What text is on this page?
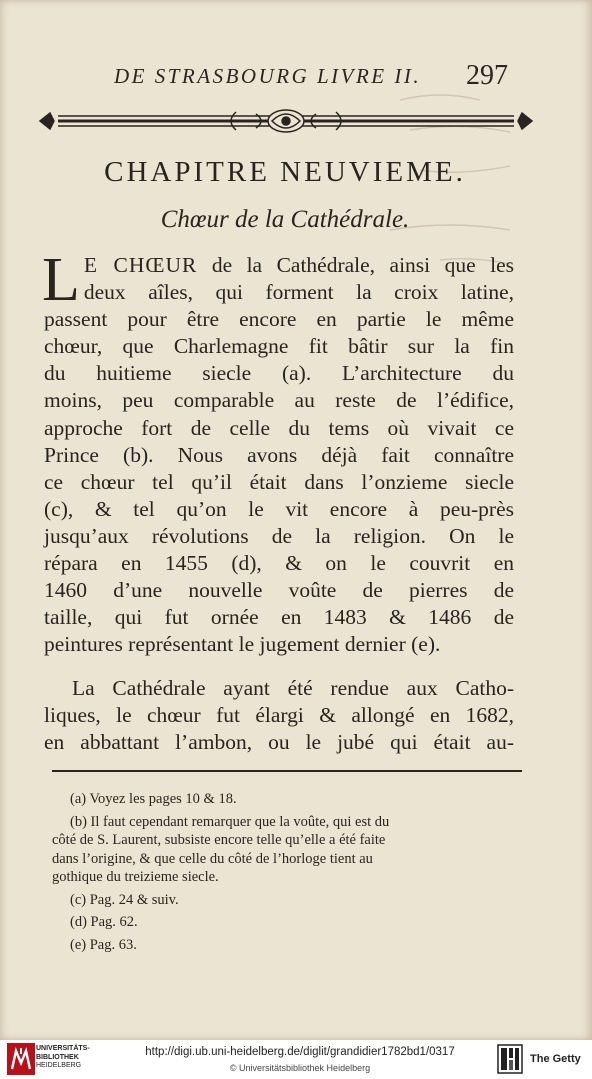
DE STRASBOURG LIVRE II. 297
CHAPITRE NEUVIEME.
Chœur de la Cathédrale.
L E CHŒUR de la Cathédrale, ainsi que les
deux aîles, qui forment la croix latine,
passent pour être encore en partie le même
chœur, que Charlemagne fit bâtir sur la fin
du huitieme siecle (a). L’architecture du
moins, peu comparable au reste de l’édifice,
approche fort de celle du tems où vivait ce
Prince (b). Nous avons déjà fait connaître
ce chœur tel qu’il était dans l’onzieme siecle
(c), & tel qu’on le vit encore à peu-près
jusqu’aux révolutions de la religion. On le
répara en 1455 (d), & on le couvrit en
1460 d’une nouvelle voûte de pierres de
taille, qui fut ornée en 1483 & 1486 de
peintures représentant le jugement dernier (e).
La Cathédrale ayant été rendue aux Catho-
liques, le chœur fut élargi & allongé en 1682,
en abbattant l’ambon, ou le jubé qui était au-
(a) Voyez les pages 10 & 18.
(b) Il faut cependant remarquer que la voûte, qui est du
côté de S. Laurent, subsiste encore telle qu’elle a été faite
dans l’origine, & que celle du côté de l’horloge tient au
gothique du treizieme siecle.
(c) Pag. 24 & suiv.
(d) Pag. 62.
(e) Pag. 63.
UNIVERSITÄTS-
BIBLIOTHEK
HEIDELBERG
http://digi.ub.uni-heidelberg.de/diglit/grandidier1782bd1/0317
© Universitätsbibliothek Heidelberg
The Getty
